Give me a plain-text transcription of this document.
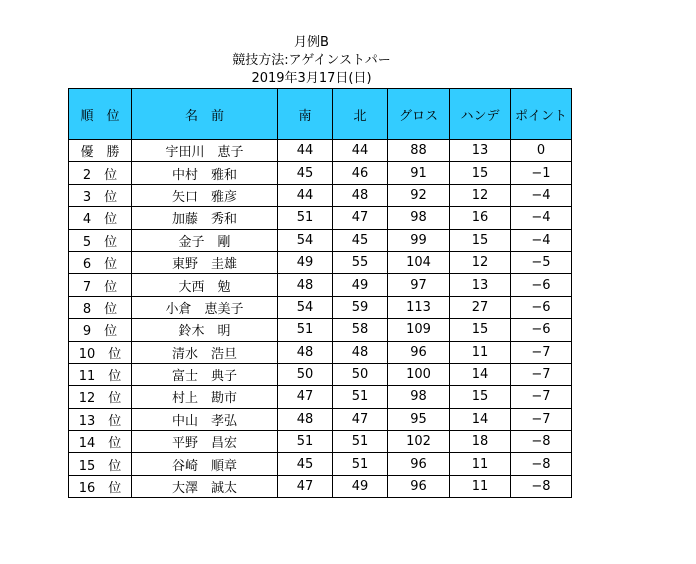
月例B
競技方法:アゲインストパー
2019年3月17日(日)
順　位	名　前	南	北	グロス	ハンデ	ポイント
優　勝	宇田川　恵子	44	44	88	13	0
2　位	中村　雅和	45	46	91	15	−1
3　位	矢口　雅彦	44	48	92	12	−4
4　位	加藤　秀和	51	47	98	16	−4
5　位	金子　剛	54	45	99	15	−4
6　位	東野　圭雄	49	55	104	12	−5
7　位	大西　勉	48	49	97	13	−6
8　位	小倉　恵美子	54	59	113	27	−6
9　位	鈴木　明	51	58	109	15	−6
10　位	清水　浩旦	48	48	96	11	−7
11　位	富士　典子	50	50	100	14	−7
12　位	村上　勘市	47	51	98	15	−7
13　位	中山　孝弘	48	47	95	14	−7
14　位	平野　昌宏	51	51	102	18	−8
15　位	谷崎　順章	45	51	96	11	−8
16　位	大澤　誠太	47	49	96	11	−8
